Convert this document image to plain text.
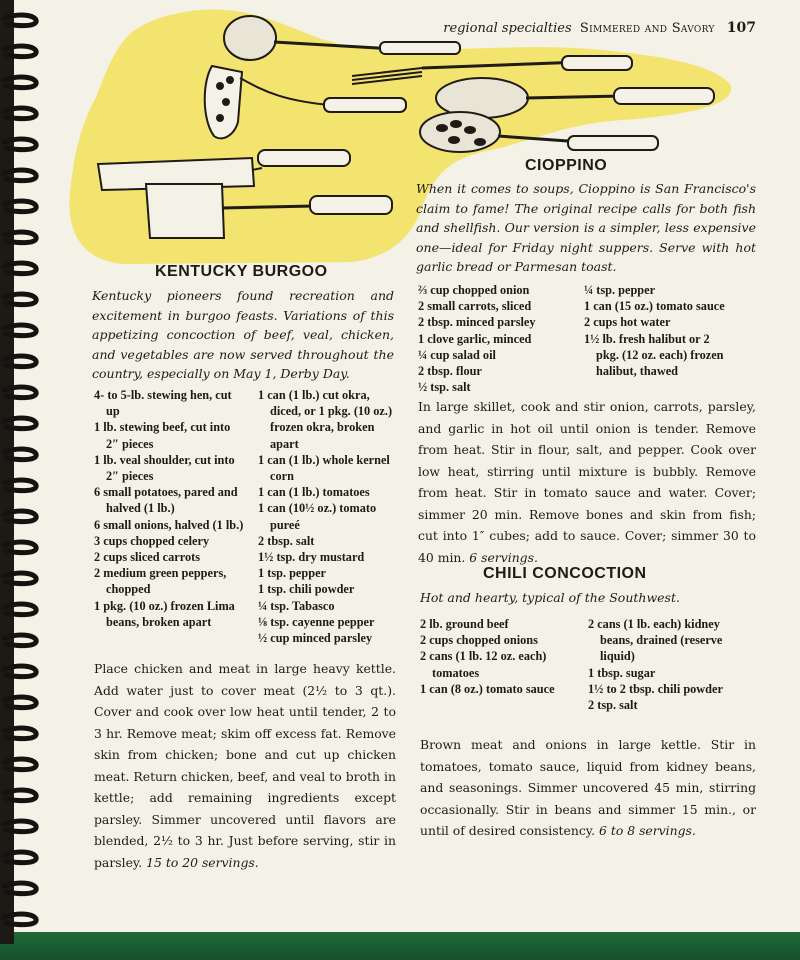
regional specialties Simmered and Savory 107
CIOPPINO

When it comes to soups, Cioppino is San Francisco's claim to fame! The original recipe calls for both fish and shellfish. Our version is a simpler, less expensive one—ideal for Friday night suppers. Serve with hot garlic bread or Parmesan toast.

⅔ cup chopped onion
2 small carrots, sliced
2 tbsp. minced parsley
1 clove garlic, minced
¼ cup salad oil
2 tbsp. flour
½ tsp. salt
¼ tsp. pepper
1 can (15 oz.) tomato sauce
2 cups hot water
1½ lb. fresh halibut or 2 pkg. (12 oz. each) frozen halibut, thawed

In large skillet, cook and stir onion, carrots, parsley, and garlic in hot oil until onion is tender. Remove from heat. Stir in flour, salt, and pepper. Cook over low heat, stirring until mixture is bubbly. Remove from heat. Stir in tomato sauce and water. Cover; simmer 20 min. Remove bones and skin from fish; cut into 1″ cubes; add to sauce. Cover; simmer 30 to 40 min. 6 servings.

KENTUCKY BURGOO

Kentucky pioneers found recreation and excitement in burgoo feasts. Variations of this appetizing concoction of beef, veal, chicken, and vegetables are now served throughout the country, especially on May 1, Derby Day.

4- to 5-lb. stewing hen, cut up
1 lb. stewing beef, cut into 2″ pieces
1 lb. veal shoulder, cut into 2″ pieces
6 small potatoes, pared and halved (1 lb.)
6 small onions, halved (1 lb.)
3 cups chopped celery
2 cups sliced carrots
2 medium green peppers, chopped
1 pkg. (10 oz.) frozen Lima beans, broken apart
1 can (1 lb.) cut okra, diced, or 1 pkg. (10 oz.) frozen okra, broken apart
1 can (1 lb.) whole kernel corn
1 can (1 lb.) tomatoes
1 can (10½ oz.) tomato pureé
2 tbsp. salt
1½ tsp. dry mustard
1 tsp. pepper
1 tsp. chili powder
¼ tsp. Tabasco
⅛ tsp. cayenne pepper
½ cup minced parsley

Place chicken and meat in large heavy kettle. Add water just to cover meat (2½ to 3 qt.). Cover and cook over low heat until tender, 2 to 3 hr. Remove meat; skim off excess fat. Remove skin from chicken; bone and cut up chicken meat. Return chicken, beef, and veal to broth in kettle; add remaining ingredients except parsley. Simmer uncovered until flavors are blended, 2½ to 3 hr. Just before serving, stir in parsley. 15 to 20 servings.

CHILI CONCOCTION

Hot and hearty, typical of the Southwest.

2 lb. ground beef
2 cups chopped onions
2 cans (1 lb. 12 oz. each) tomatoes
1 can (8 oz.) tomato sauce
2 cans (1 lb. each) kidney beans, drained (reserve liquid)
1 tbsp. sugar
1½ to 2 tbsp. chili powder
2 tsp. salt

Brown meat and onions in large kettle. Stir in tomatoes, tomato sauce, liquid from kidney beans, and seasonings. Simmer uncovered 45 min, stirring occasionally. Stir in beans and simmer 15 min., or until of desired consistency. 6 to 8 servings.
